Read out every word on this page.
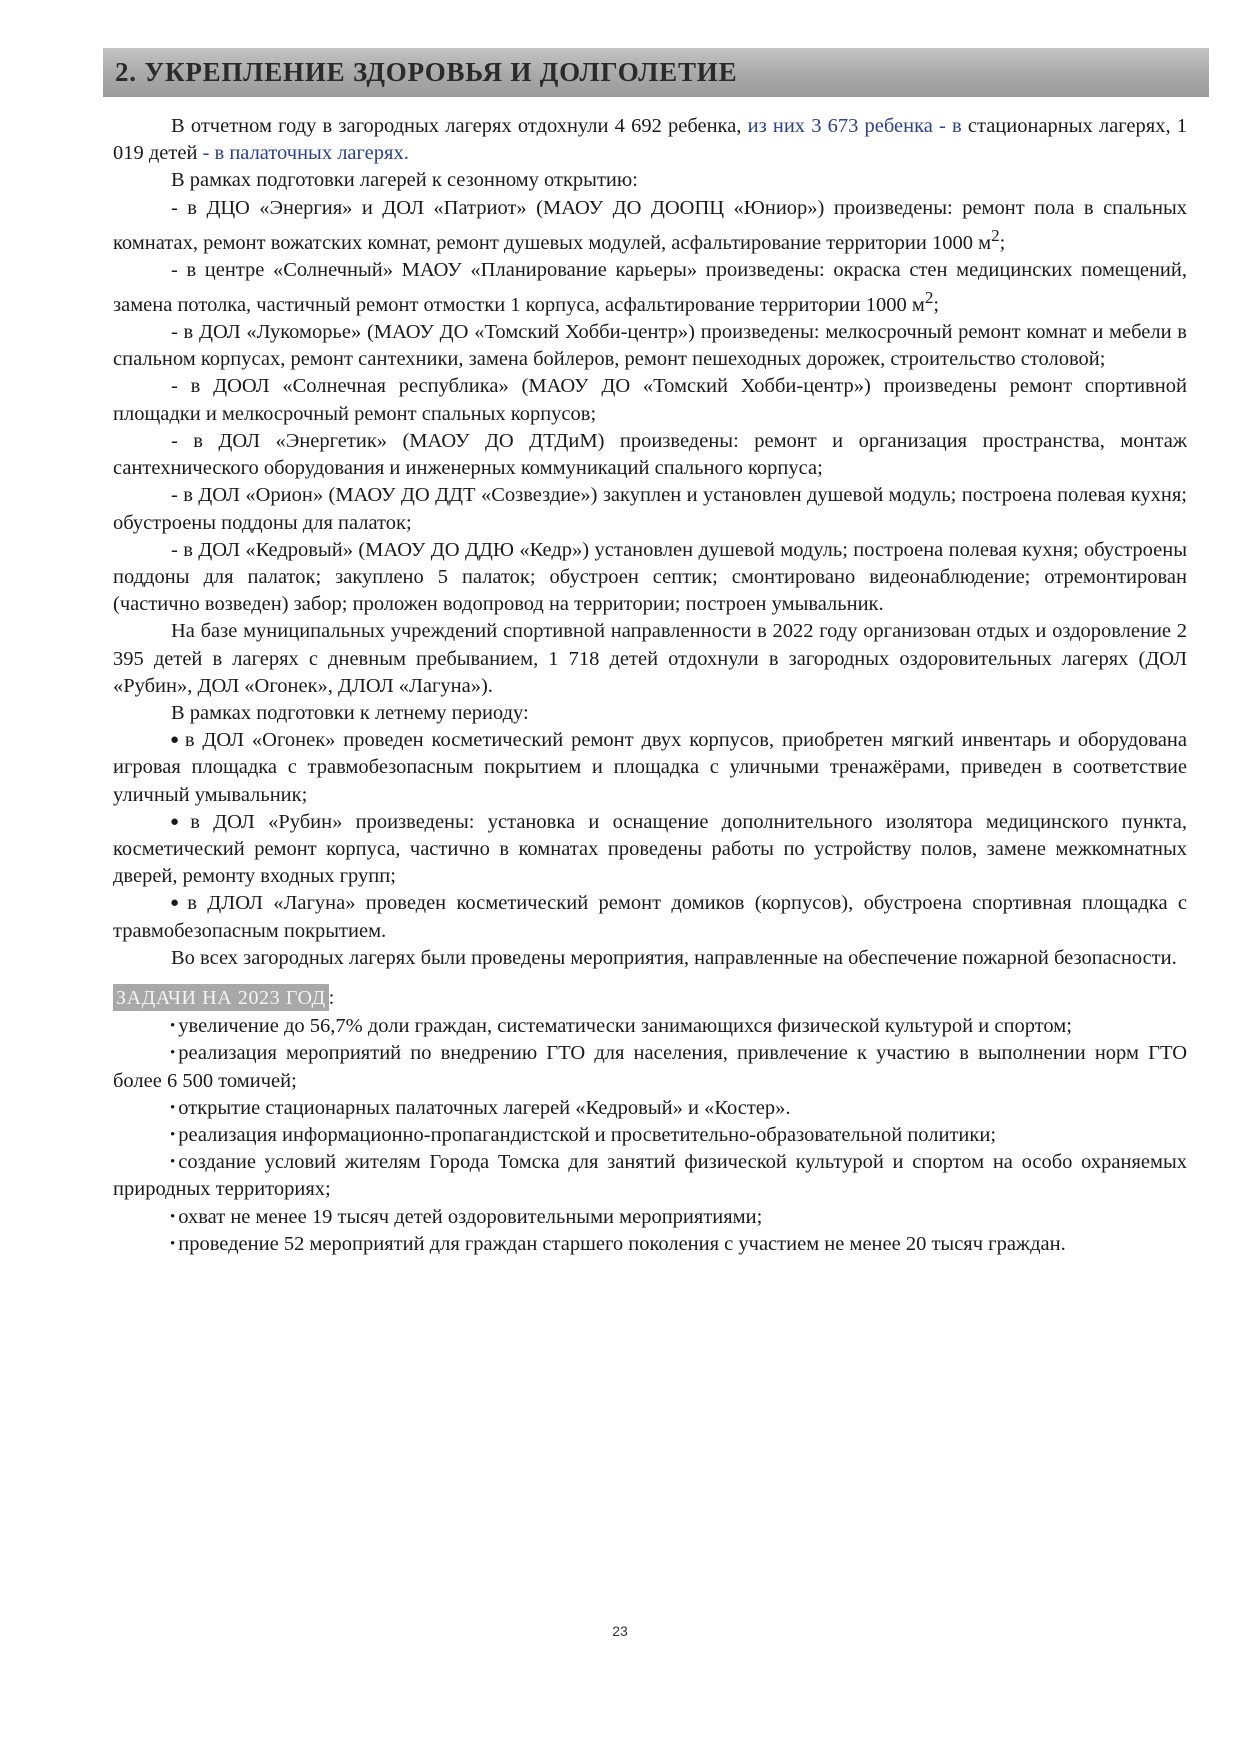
2. УКРЕПЛЕНИЕ ЗДОРОВЬЯ И ДОЛГОЛЕТИЕ

В отчетном году в загородных лагерях отдохнули 4 692 ребенка, из них 3 673 ребенка - в стационарных лагерях, 1 019 детей - в палаточных лагерях.

В рамках подготовки лагерей к сезонному открытию:

- в ДЦО «Энергия» и ДОЛ «Патриот» (МАОУ ДО ДООПЦ «Юниор») произведены: ремонт пола в спальных комнатах, ремонт вожатских комнат, ремонт душевых модулей, асфальтирование территории 1000 $м^2$;

- в центре «Солнечный» МАОУ «Планирование карьеры» произведены: окраска стен медицинских помещений, замена потолка, частичный ремонт отмостки 1 корпуса, асфальтирование территории 1000 $м^2$;

- в ДОЛ «Лукоморье» (МАОУ ДО «Томский Хобби-центр») произведены: мелкосрочный ремонт комнат и мебели в спальном корпусах, ремонт сантехники, замена бойлеров, ремонт пешеходных дорожек, строительство столовой;

- в ДООЛ «Солнечная республика» (МАОУ ДО «Томский Хобби-центр») произведены ремонт спортивной площадки и мелкосрочный ремонт спальных корпусов;

- в ДОЛ «Энергетик» (МАОУ ДО ДТДиМ) произведены: ремонт и организация пространства, монтаж сантехнического оборудования и инженерных коммуникаций спального корпуса;

- в ДОЛ «Орион» (МАОУ ДО ДДТ «Созвездие») закуплен и установлен душевой модуль; построена полевая кухня; обустроены поддоны для палаток;

- в ДОЛ «Кедровый» (МАОУ ДО ДДЮ «Кедр») установлен душевой модуль; построена полевая кухня; обустроены поддоны для палаток; закуплено 5 палаток; обустроен септик; смонтировано видеонаблюдение; отремонтирован (частично возведен) забор; проложен водопровод на территории; построен умывальник.

На базе муниципальных учреждений спортивной направленности в 2022 году организован отдых и оздоровление 2 395 детей в лагерях с дневным пребыванием, 1 718 детей отдохнули в загородных оздоровительных лагерях (ДОЛ «Рубин», ДОЛ «Огонек», ДЛОЛ «Лагуна»).

В рамках подготовки к летнему периоду:

● в ДОЛ «Огонек» проведен косметический ремонт двух корпусов, приобретен мягкий инвентарь и оборудована игровая площадка с травмобезопасным покрытием и площадка с уличными тренажёрами, приведен в соответствие уличный умывальник;

● в ДОЛ «Рубин» произведены: установка и оснащение дополнительного изолятора медицинского пункта, косметический ремонт корпуса, частично в комнатах проведены работы по устройству полов, замене межкомнатных дверей, ремонту входных групп;

● в ДЛОЛ «Лагуна» проведен косметический ремонт домиков (корпусов), обустроена спортивная площадка с травмобезопасным покрытием.

Во всех загородных лагерях были проведены мероприятия, направленные на обеспечение пожарной безопасности.

ЗАДАЧИ НА 2023 ГОД :

• увеличение до 56,7% доли граждан, систематически занимающихся физической культурой и спортом;

• реализация мероприятий по внедрению ГТО для населения, привлечение к участию в выполнении норм ГТО более 6 500 томичей;

• открытие стационарных палаточных лагерей «Кедровый» и «Костер».

• реализация информационно-пропагандистской и просветительно-образовательной политики;

• создание условий жителям Города Томска для занятий физической культурой и спортом на особо охраняемых природных территориях;

• охват не менее 19 тысяч детей оздоровительными мероприятиями;

• проведение 52 мероприятий для граждан старшего поколения с участием не менее 20 тысяч граждан.

23
